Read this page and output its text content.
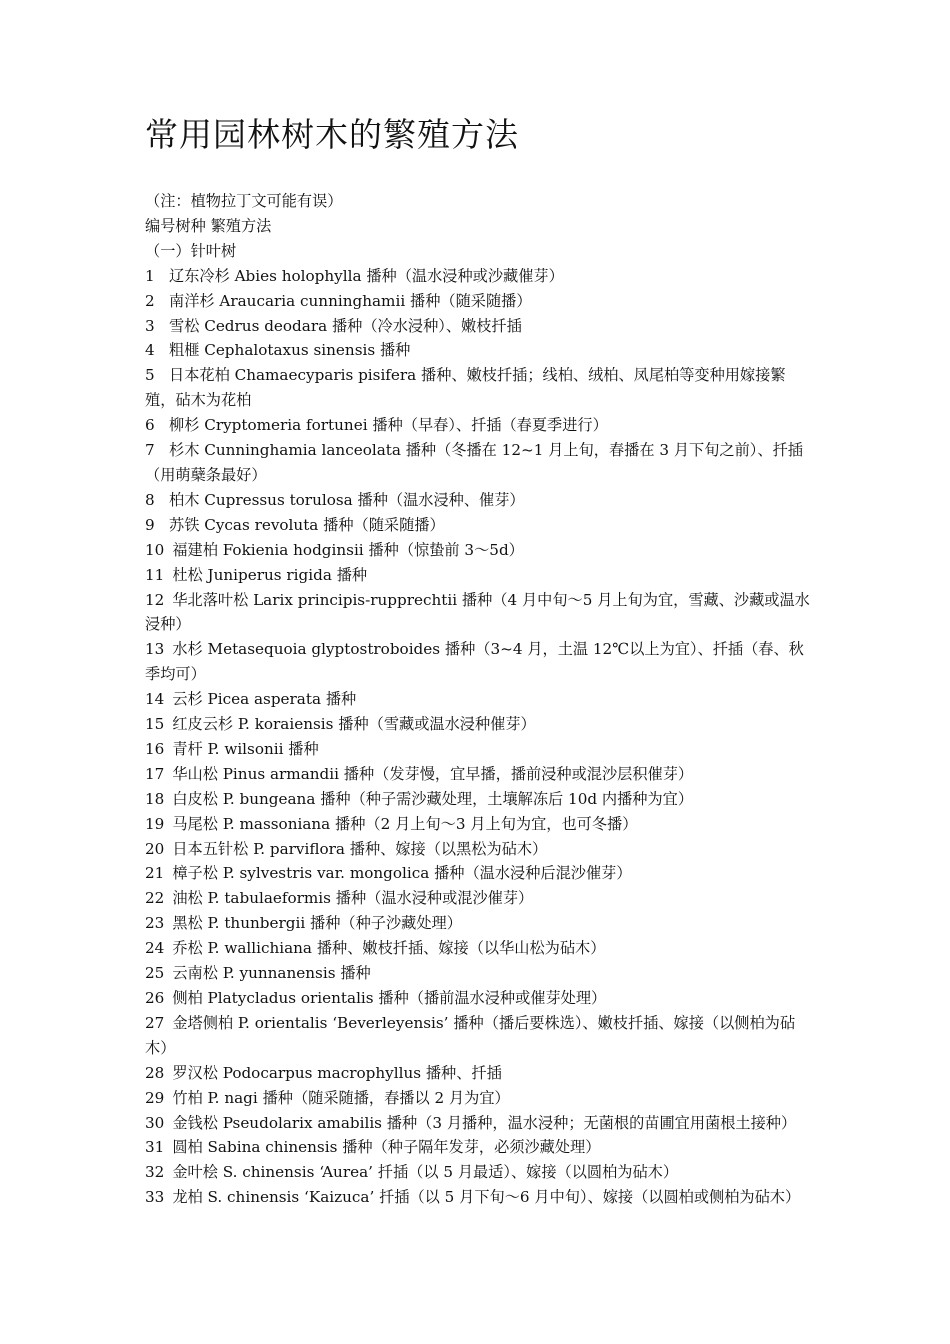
常用园林树木的繁殖方法
（注：植物拉丁文可能有误）
编号树种 繁殖方法
（一）针叶树
1 辽东冷杉 Abies holophylla 播种（温水浸种或沙藏催芽）
2 南洋杉 Araucaria cunninghamii 播种（随采随播）
3 雪松 Cedrus deodara 播种（冷水浸种）、嫩枝扦插
4 粗榧 Cephalotaxus sinensis 播种
5 日本花柏 Chamaecyparis pisifera 播种、嫩枝扦插；线柏、绒柏、凤尾柏等变种用嫁接繁殖，砧木为花柏
6 柳杉 Cryptomeria fortunei 播种（早春）、扦插（春夏季进行）
7 杉木 Cunninghamia lanceolata 播种（冬播在 12~1 月上旬，春播在 3 月下旬之前）、扦插（用萌蘖条最好）
8 柏木 Cupressus torulosa 播种（温水浸种、催芽）
9 苏铁 Cycas revoluta 播种（随采随播）
10 福建柏 Fokienia hodginsii 播种（惊蛰前 3～5d）
11 杜松 Juniperus rigida 播种
12 华北落叶松 Larix principis-rupprechtii 播种（4 月中旬～5 月上旬为宜，雪藏、沙藏或温水浸种）
13 水杉 Metasequoia glyptostroboides 播种（3~4 月，土温 12℃以上为宜）、扦插（春、秋季均可）
14 云杉 Picea asperata 播种
15 红皮云杉 P. koraiensis 播种（雪藏或温水浸种催芽）
16 青杆 P. wilsonii 播种
17 华山松 Pinus armandii 播种（发芽慢，宜早播，播前浸种或混沙层积催芽）
18 白皮松 P. bungeana 播种（种子需沙藏处理，土壤解冻后 10d 内播种为宜）
19 马尾松 P. massoniana 播种（2 月上旬～3 月上旬为宜，也可冬播）
20 日本五针松 P. parviflora 播种、嫁接（以黑松为砧木）
21 樟子松 P. sylvestris var. mongolica 播种（温水浸种后混沙催芽）
22 油松 P. tabulaeformis 播种（温水浸种或混沙催芽）
23 黑松 P. thunbergii 播种（种子沙藏处理）
24 乔松 P. wallichiana 播种、嫩枝扦插、嫁接（以华山松为砧木）
25 云南松 P. yunnanensis 播种
26 侧柏 Platycladus orientalis 播种（播前温水浸种或催芽处理）
27 金塔侧柏 P. orientalis ‘Beverleyensis’ 播种（播后要株选）、嫩枝扦插、嫁接（以侧柏为砧木）
28 罗汉松 Podocarpus macrophyllus 播种、扦插
29 竹柏 P. nagi 播种（随采随播，春播以 2 月为宜）
30 金钱松 Pseudolarix amabilis 播种（3 月播种，温水浸种；无菌根的苗圃宜用菌根土接种）
31 圆柏 Sabina chinensis 播种（种子隔年发芽，必须沙藏处理）
32 金叶桧 S. chinensis ‘Aurea’ 扦插（以 5 月最适）、嫁接（以圆柏为砧木）
33 龙柏 S. chinensis ‘Kaizuca’ 扦插（以 5 月下旬～6 月中旬）、嫁接（以圆柏或侧柏为砧木）
